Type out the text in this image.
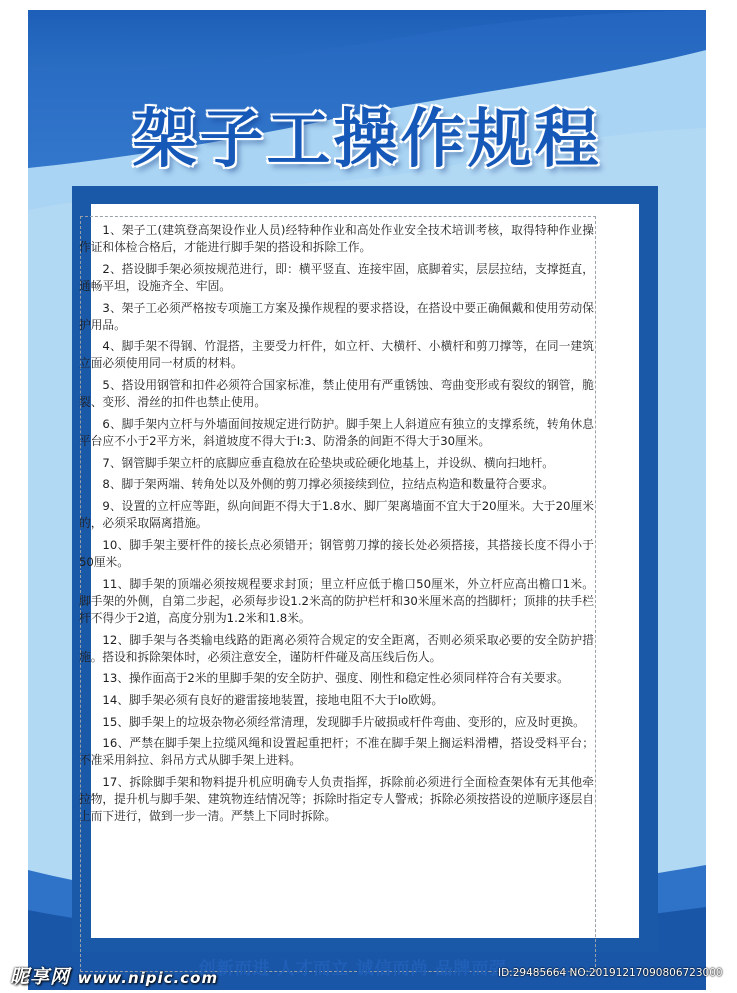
架子工操作规程
1、架子工(建筑登高架设作业人员)经特种作业和高处作业安全技术培训考核，取得特种作业操作证和体检合格后，才能进行脚手架的搭设和拆除工作。
2、搭设脚手架必须按规范进行，即：横平竖直、连接牢固，底脚着实，层层拉结，支撑挺直，通畅平坦，设施齐全、牢固。
3、架子工必须严格按专项施工方案及操作规程的要求搭设，在搭设中要正确佩戴和使用劳动保护用品。
4、脚手架不得钢、竹混搭，主要受力杆件，如立杆、大横杆、小横杆和剪刀撑等，在同一建筑立面必须使用同一材质的材料。
5、搭设用钢管和扣件必须符合国家标准，禁止使用有严重锈蚀、弯曲变形或有裂纹的钢管，脆裂、变形、滑丝的扣件也禁止使用。
6、脚手架内立杆与外墙面间按规定进行防护。脚手架上人斜道应有独立的支撑系统，转角休息平台应不小于2平方米，斜道坡度不得大于I:3、防滑条的间距不得大于30厘米。
7、钢管脚手架立杆的底脚应垂直稳放在砼垫块或砼硬化地基上，并设纵、横向扫地杆。
8、脚于架两端、转角处以及外侧的剪刀撑必须接续到位，拉结点构造和数量符合要求。
9、设置的立杆应等距，纵向间距不得大于1.8水、脚厂架离墙面不宜大于20厘米。大于20厘米的，必须采取隔离措施。
10、脚手架主要杆件的接长点必须错开；钢管剪刀撑的接长处必须搭接，其搭接长度不得小于50厘米。
11、脚手架的顶端必须按规程要求封顶；里立杆应低于檐口50厘米，外立杆应高出檐口1米。脚手架的外侧，自第二步起，必须每步设1.2米高的防护栏杆和30米厘米高的挡脚杆；顶排的扶手栏杆不得少于2道，高度分别为1.2米和1.8米。
12、脚手架与各类输电线路的距离必须符合规定的安全距离，否则必须采取必要的安全防护措施。搭设和拆除架体时，必须注意安全，谨防杆件碰及高压线后伤人。
13、操作面高于2米的里脚手架的安全防护、强度、刚性和稳定性必须同样符合有关要求。
14、脚手架必须有良好的避雷接地装置，接地电阻不大于lo欧姆。
15、脚手架上的垃圾杂物必须经常清理，发现脚手片破损或杆件弯曲、变形的，应及时更换。
16、严禁在脚手架上拉缆风绳和设置起重把杆；不准在脚手架上搁运料滑槽，搭设受料平台；不准采用斜拉、斜吊方式从脚手架上进料。
17、拆除脚手架和物料提升机应明确专人负责指挥，拆除前必须进行全面检查架体有无其他牵拉物，提升机与脚手架、建筑物连结情况等；拆除时指定专人警戒；拆除必须按搭设的逆顺序逐层自上而下进行，做到一步一清。严禁上下同时拆除。
创新而进 人才而立 诚信而尚 品牌而强
昵享网 www.nipic.com	ID:29485664 NO:20191217090806723000
